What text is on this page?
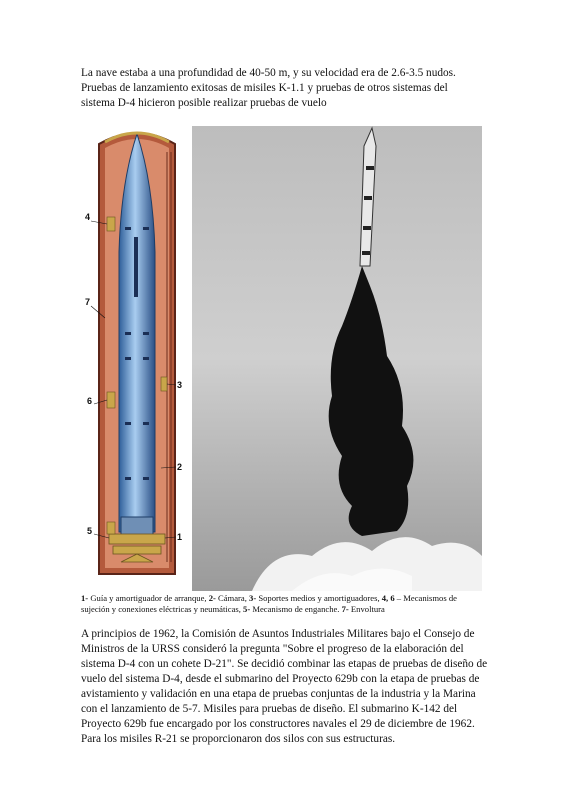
La nave estaba a una profundidad de 40-50 m, y su velocidad era de 2.6-3.5 nudos. Pruebas de lanzamiento exitosas de misiles K-1.1 y pruebas de otros sistemas del sistema D-4 hicieron posible realizar pruebas de vuelo

4
7
3
6
2
5
1

1- Guía y amortiguador de arranque, 2- Cámara, 3- Soportes medios y amortiguadores, 4, 6 – Mecanismos de sujeción y conexiones eléctricas y neumáticas, 5- Mecanismo de enganche. 7- Envoltura

A principios de 1962, la Comisión de Asuntos Industriales Militares bajo el Consejo de Ministros de la URSS consideró la pregunta "Sobre el progreso de la elaboración del sistema D-4 con un cohete D-21". Se decidió combinar las etapas de pruebas de diseño de vuelo del sistema D-4, desde el submarino del Proyecto 629b con la etapa de pruebas de avistamiento y validación en una etapa de pruebas conjuntas de la industria y la Marina con el lanzamiento de 5-7. Misiles para pruebas de diseño. El submarino K-142 del Proyecto 629b fue encargado por los constructores navales el 29 de diciembre de 1962. Para los misiles R-21 se proporcionaron dos silos con sus estructuras.
